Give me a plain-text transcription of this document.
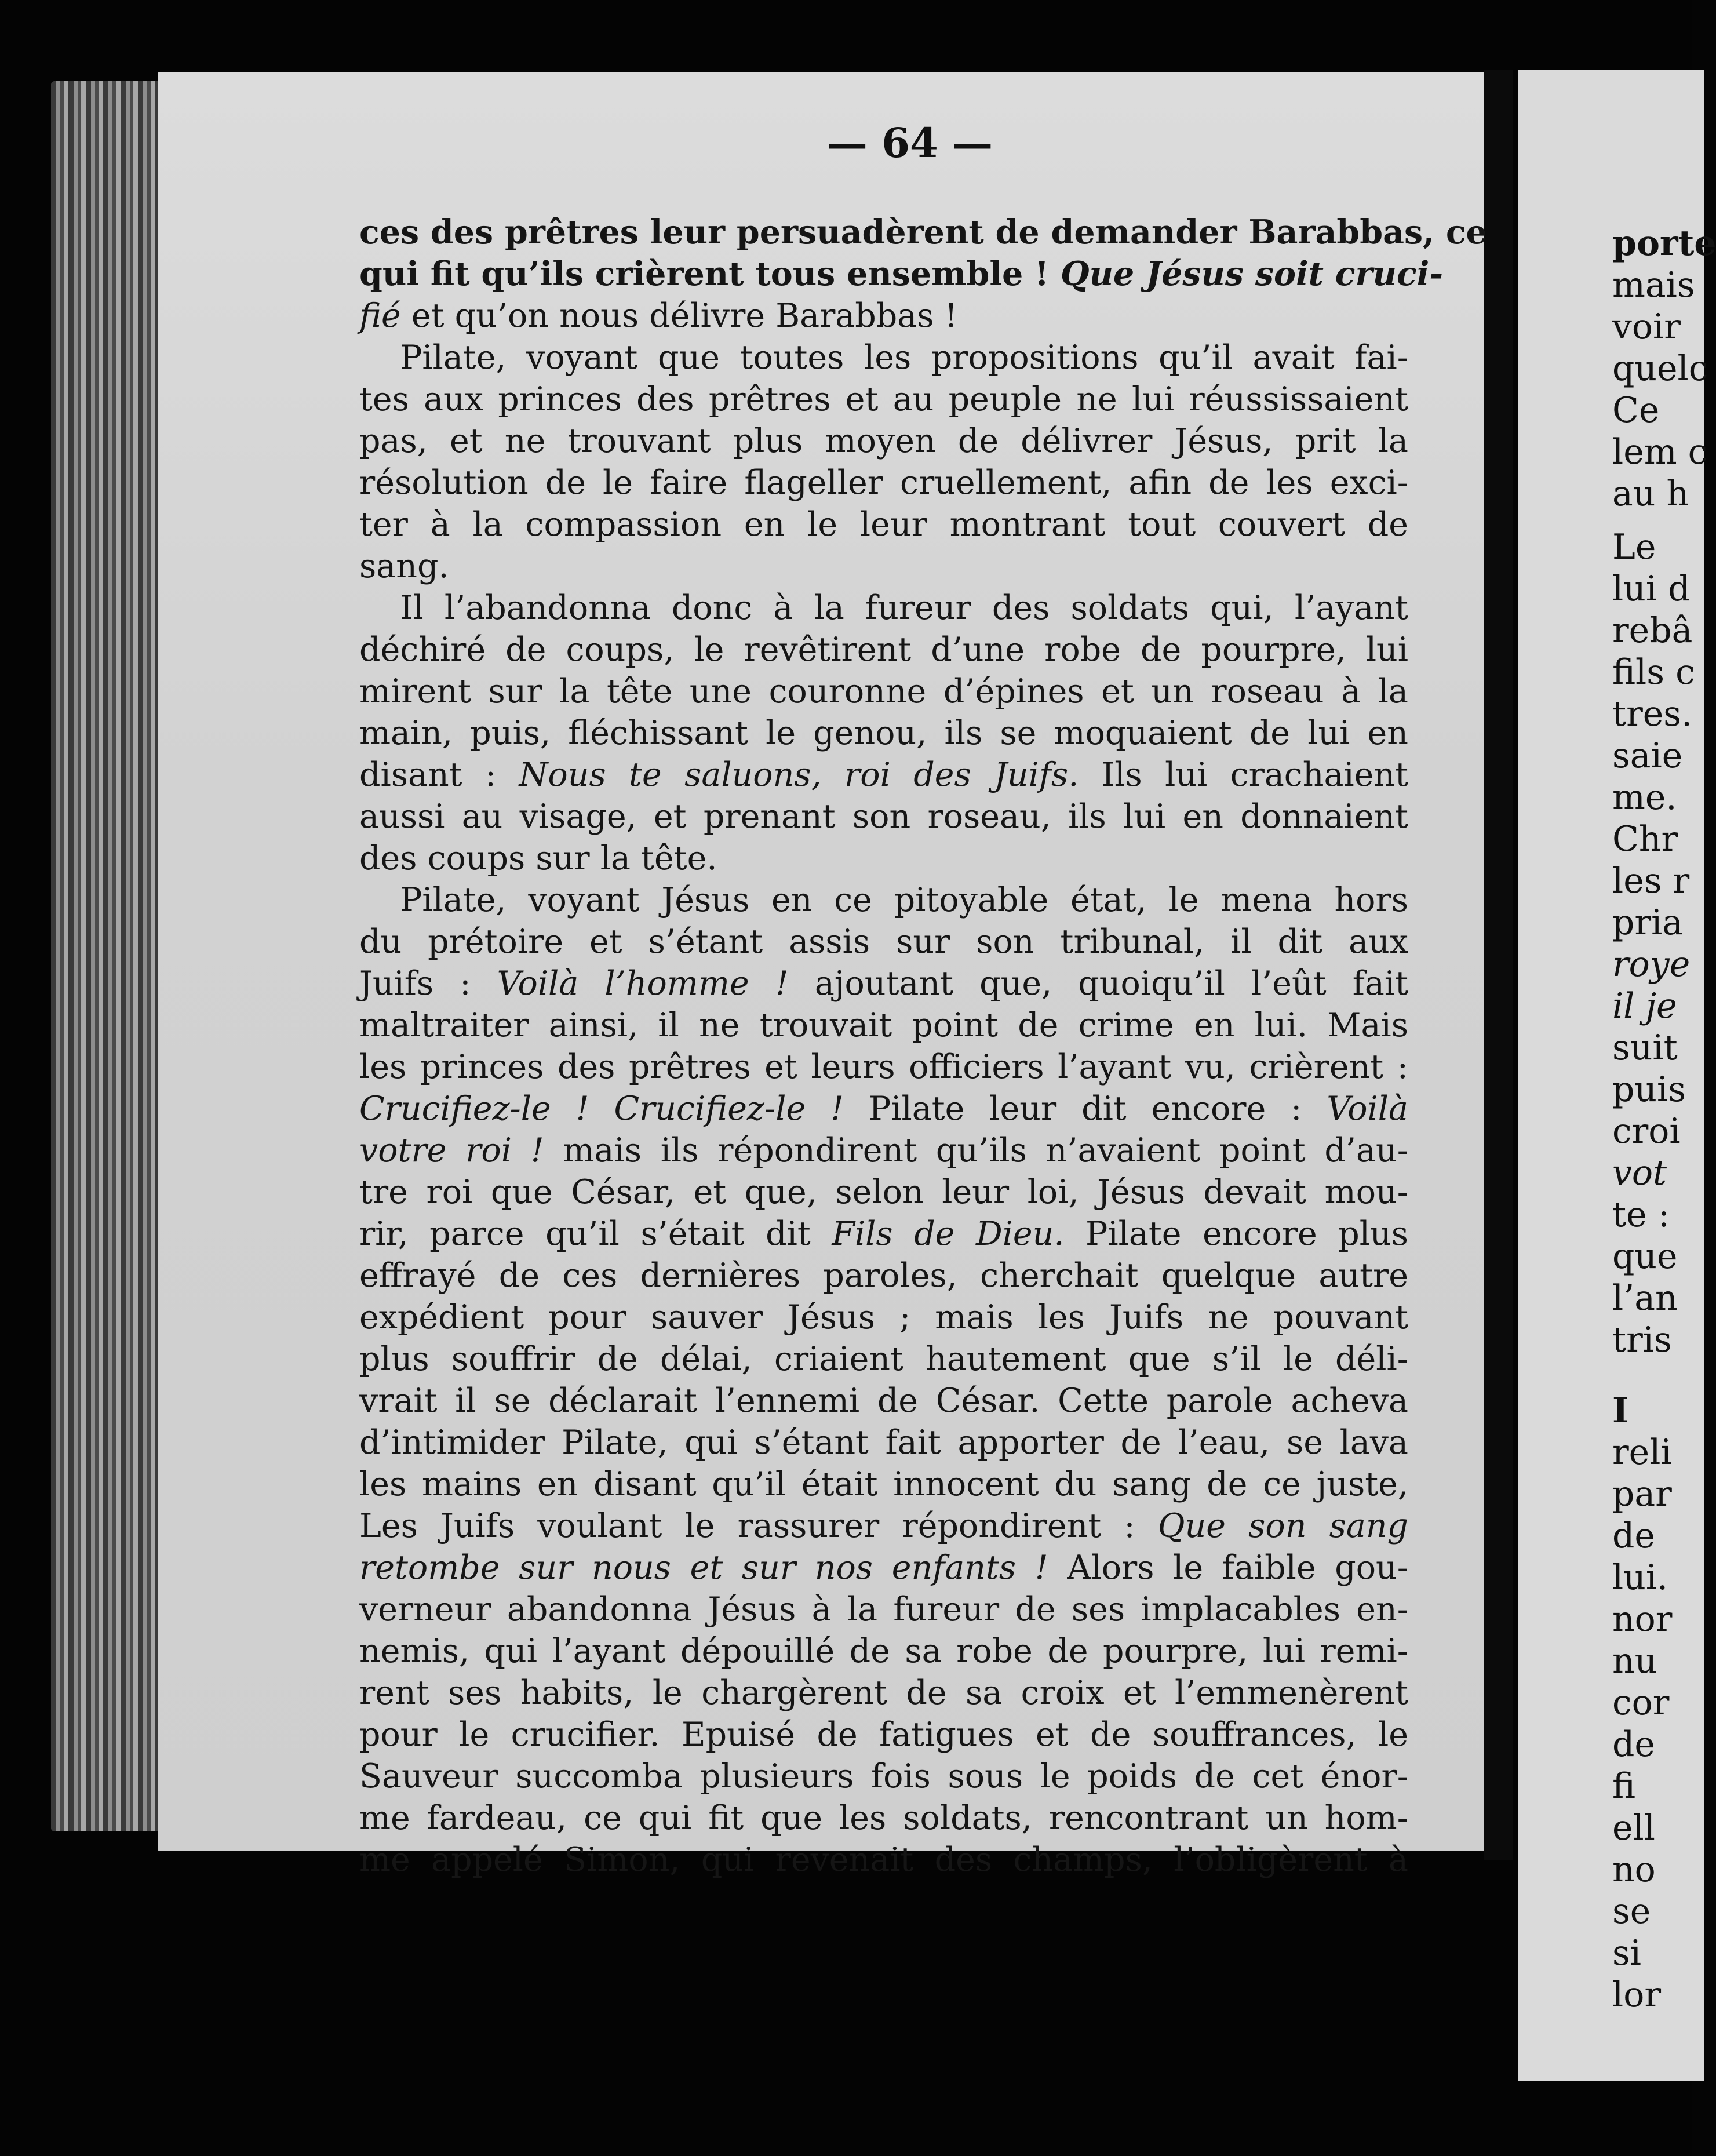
porte

mais

voir

quelc

Ce

lem c

au h

Le

lui d

rebâ

fils c

tres.

saie

me.

Chr

les r

pria

roye

il je

suit

puis

croi

vot

te :

que

l’an

tris

I

reli

par

de

lui.

nor

nu

cor

de

fi

ell

no

se

si

lor

— 64 —
ces des prêtres leur persuadèrent de demander Barabbas, ce
qui fit qu’ils crièrent tous ensemble ! Que Jésus soit cruci-
fié et qu’on nous délivre Barabbas !
Pilate, voyant que toutes les propositions qu’il avait fai-
tes aux princes des prêtres et au peuple ne lui réussissaient
pas, et ne trouvant plus moyen de délivrer Jésus, prit la
résolution de le faire flageller cruellement, afin de les exci-
ter à la compassion en le leur montrant tout couvert de
sang.
Il l’abandonna donc à la fureur des soldats qui, l’ayant
déchiré de coups, le revêtirent d’une robe de pourpre, lui
mirent sur la tête une couronne d’épines et un roseau à la
main, puis, fléchissant le genou, ils se moquaient de lui en
disant : Nous te saluons, roi des Juifs. Ils lui crachaient
aussi au visage, et prenant son roseau, ils lui en donnaient
des coups sur la tête.
Pilate, voyant Jésus en ce pitoyable état, le mena hors
du prétoire et s’étant assis sur son tribunal, il dit aux
Juifs : Voilà l’homme ! ajoutant que, quoiqu’il l’eût fait
maltraiter ainsi, il ne trouvait point de crime en lui. Mais
les princes des prêtres et leurs officiers l’ayant vu, crièrent :
Crucifiez-le ! Crucifiez-le ! Pilate leur dit encore : Voilà
votre roi ! mais ils répondirent qu’ils n’avaient point d’au-
tre roi que César, et que, selon leur loi, Jésus devait mou-
rir, parce qu’il s’était dit Fils de Dieu. Pilate encore plus
effrayé de ces dernières paroles, cherchait quelque autre
expédient pour sauver Jésus ; mais les Juifs ne pouvant
plus souffrir de délai, criaient hautement que s’il le déli-
vrait il se déclarait l’ennemi de César. Cette parole acheva
d’intimider Pilate, qui s’étant fait apporter de l’eau, se lava
les mains en disant qu’il était innocent du sang de ce juste,
Les Juifs voulant le rassurer répondirent : Que son sang
retombe sur nous et sur nos enfants ! Alors le faible gou-
verneur abandonna Jésus à la fureur de ses implacables en-
nemis, qui l’ayant dépouillé de sa robe de pourpre, lui remi-
rent ses habits, le chargèrent de sa croix et l’emmenèrent
pour le crucifier. Epuisé de fatigues et de souffrances, le
Sauveur succomba plusieurs fois sous le poids de cet énor-
me fardeau, ce qui fit que les soldats, rencontrant un hom-
me appelé Simon, qui revenait des champs, l’obligèrent à
